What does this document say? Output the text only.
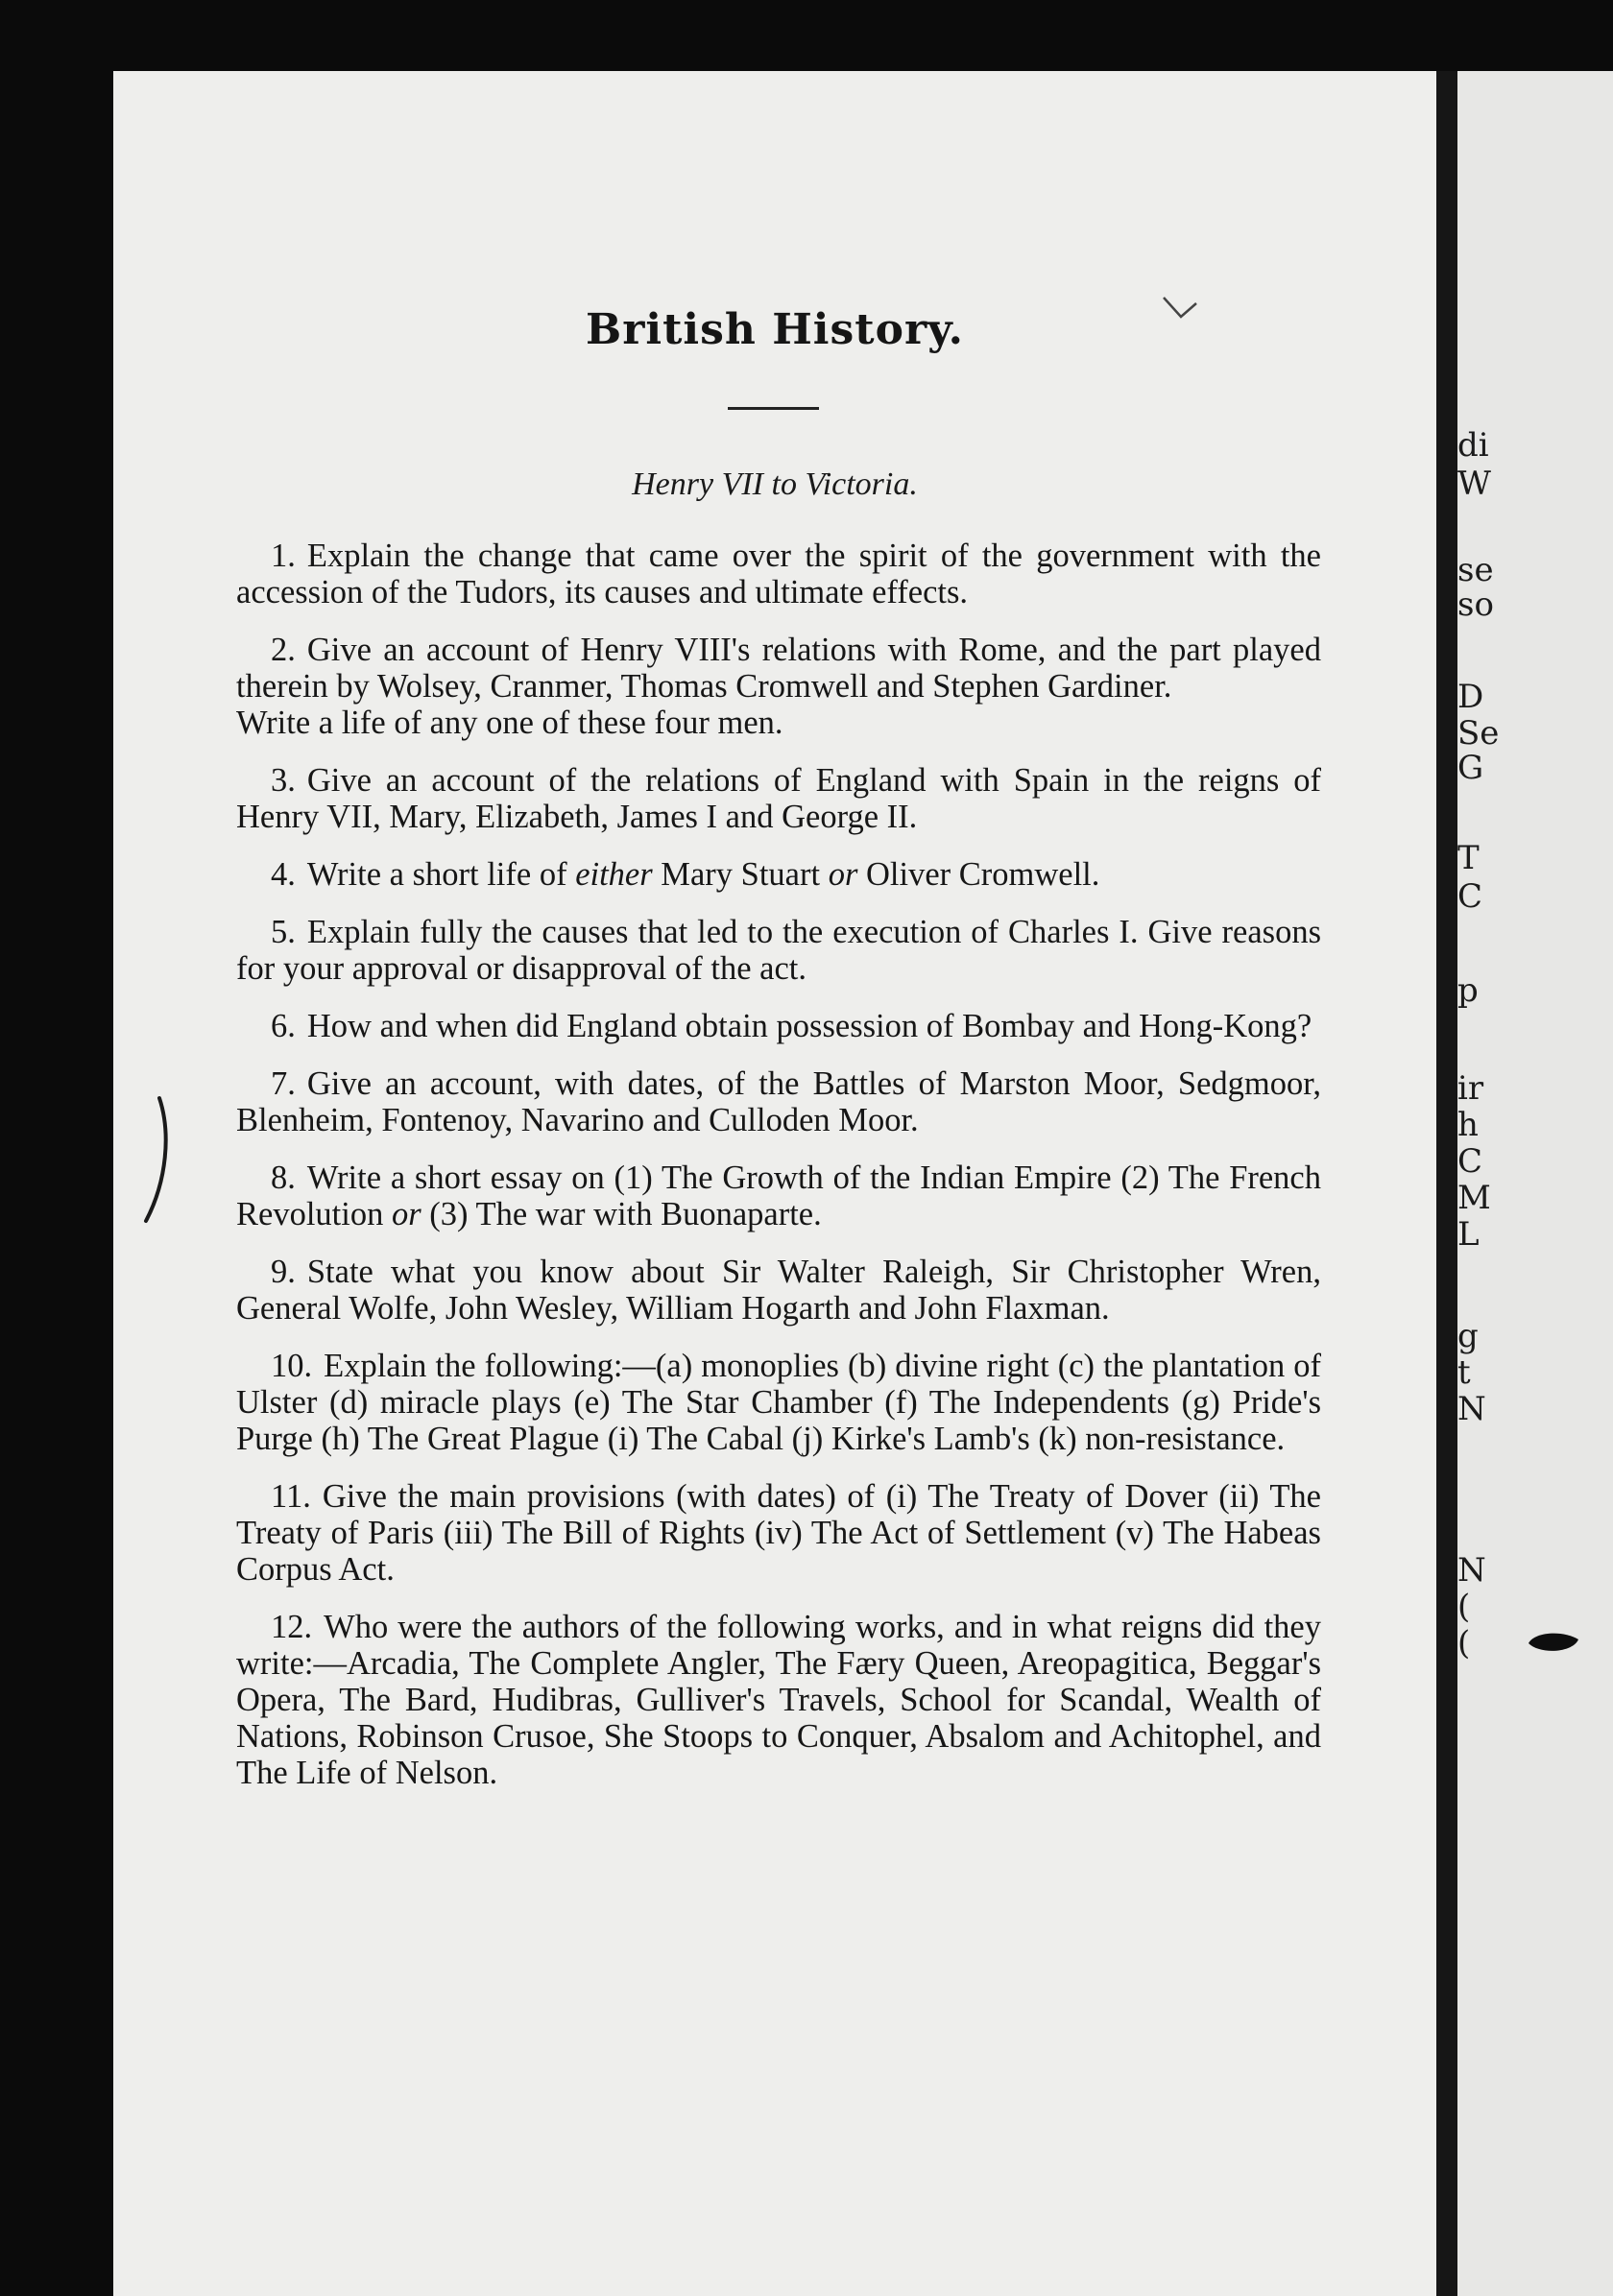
British History.
Henry VII to Victoria.

1. Explain the change that came over the spirit of the government with the accession of the Tudors, its causes and ultimate effects.

2. Give an account of Henry VIII's relations with Rome, and the part played therein by Wolsey, Cranmer, Thomas Cromwell and Stephen Gardiner.
Write a life of any one of these four men.

3. Give an account of the relations of England with Spain in the reigns of Henry VII, Mary, Elizabeth, James I and George II.

4. Write a short life of either Mary Stuart or Oliver Cromwell.

5. Explain fully the causes that led to the execution of Charles I. Give reasons for your approval or disapproval of the act.

6. How and when did England obtain possession of Bombay and Hong-Kong?

7. Give an account, with dates, of the Battles of Marston Moor, Sedgmoor, Blenheim, Fontenoy, Navarino and Culloden Moor.

8. Write a short essay on (1) The Growth of the Indian Empire (2) The French Revolution or (3) The war with Buonaparte.

9. State what you know about Sir Walter Raleigh, Sir Christopher Wren, General Wolfe, John Wesley, William Hogarth and John Flaxman.

10. Explain the following:—(a) monoplies (b) divine right (c) the plantation of Ulster (d) miracle plays (e) The Star Chamber (f) The Independents (g) Pride's Purge (h) The Great Plague (i) The Cabal (j) Kirke's Lamb's (k) non-resistance.

11. Give the main provisions (with dates) of (i) The Treaty of Dover (ii) The Treaty of Paris (iii) The Bill of Rights (iv) The Act of Settlement (v) The Habeas Corpus Act.

12. Who were the authors of the following works, and in what reigns did they write:—Arcadia, The Complete Angler, The Færy Queen, Areopagitica, Beggar's Opera, The Bard, Hudibras, Gulliver's Travels, School for Scandal, Wealth of Nations, Robinson Crusoe, She Stoops to Conquer, Absalom and Achitophel, and The Life of Nelson.

di
W
se
so
D
Se
G
T
C
p
ir
h
C
M
L
g
t
N
N
(
(
